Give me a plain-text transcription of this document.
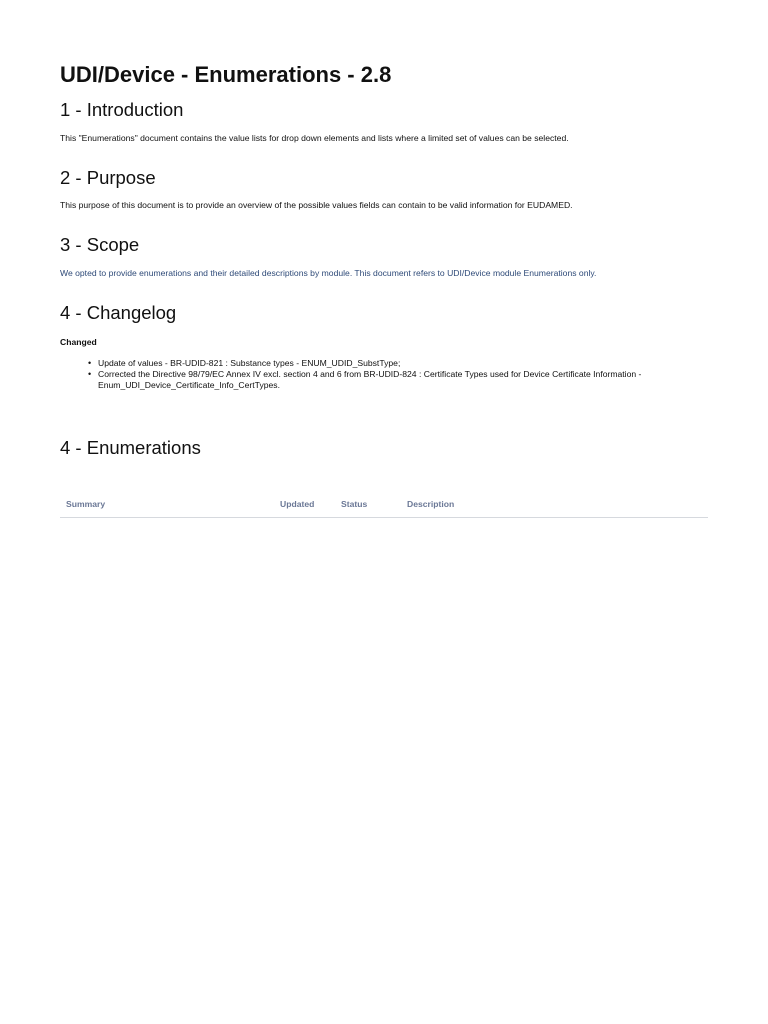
UDI/Device - Enumerations - 2.8
1 - Introduction

This "Enumerations" document contains the value lists for drop down elements and lists where a limited set of values can be selected.

2 - Purpose

This purpose of this document is to provide an overview of the possible values fields can contain to be valid information for EUDAMED.

3 - Scope

We opted to provide enumerations and their detailed descriptions by module. This document refers to UDI/Device module Enumerations only.

4 - Changelog
Changed
• Update of values - BR-UDID-821 : Substance types - ENUM_UDID_SubstType;
• Corrected the Directive 98/79/EC Annex IV excl. section 4 and 6 from BR-UDID-824 : Certificate Types used for Device Certificate Information - Enum_UDI_Device_Certificate_Info_CertTypes.
4 - Enumerations
Summary	Updated	Status	Description
